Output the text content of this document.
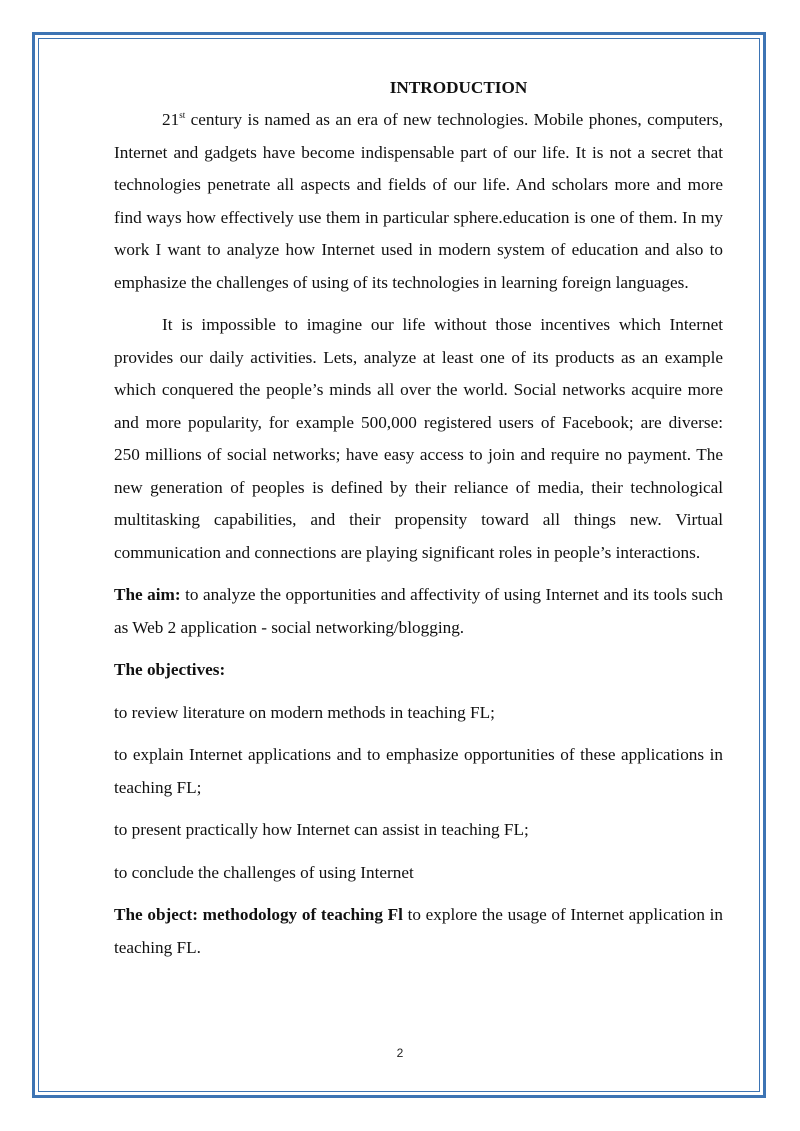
INTRODUCTION

21st century is named as an era of new technologies. Mobile phones, computers, Internet and gadgets have become indispensable part of our life. It is not a secret that technologies penetrate all aspects and fields of our life. And scholars more and more find ways how effectively use them in particular sphere.education is one of them. In my work I want to analyze how Internet used in modern system of education and also to emphasize the challenges of using of its technologies in learning foreign languages.

It is impossible to imagine our life without those incentives which Internet provides our daily activities. Lets, analyze at least one of its products as an example which conquered the people’s minds all over the world. Social networks acquire more and more popularity, for example 500,000 registered users of Facebook; are diverse: 250 millions of social networks; have easy access to join and require no payment. The new generation of peoples is defined by their reliance of media, their technological multitasking capabilities, and their propensity toward all things new. Virtual communication and connections are playing significant roles in people’s interactions.

The aim: to analyze the opportunities and affectivity of using Internet and its tools such as Web 2 application - social networking/blogging.

The objectives:

to review literature on modern methods in teaching FL;

to explain Internet applications and to emphasize opportunities of these applications in teaching FL;

to present practically how Internet can assist in teaching FL;

to conclude the challenges of using Internet

The object: methodology of teaching Fl to explore the usage of Internet application in teaching FL.

2
